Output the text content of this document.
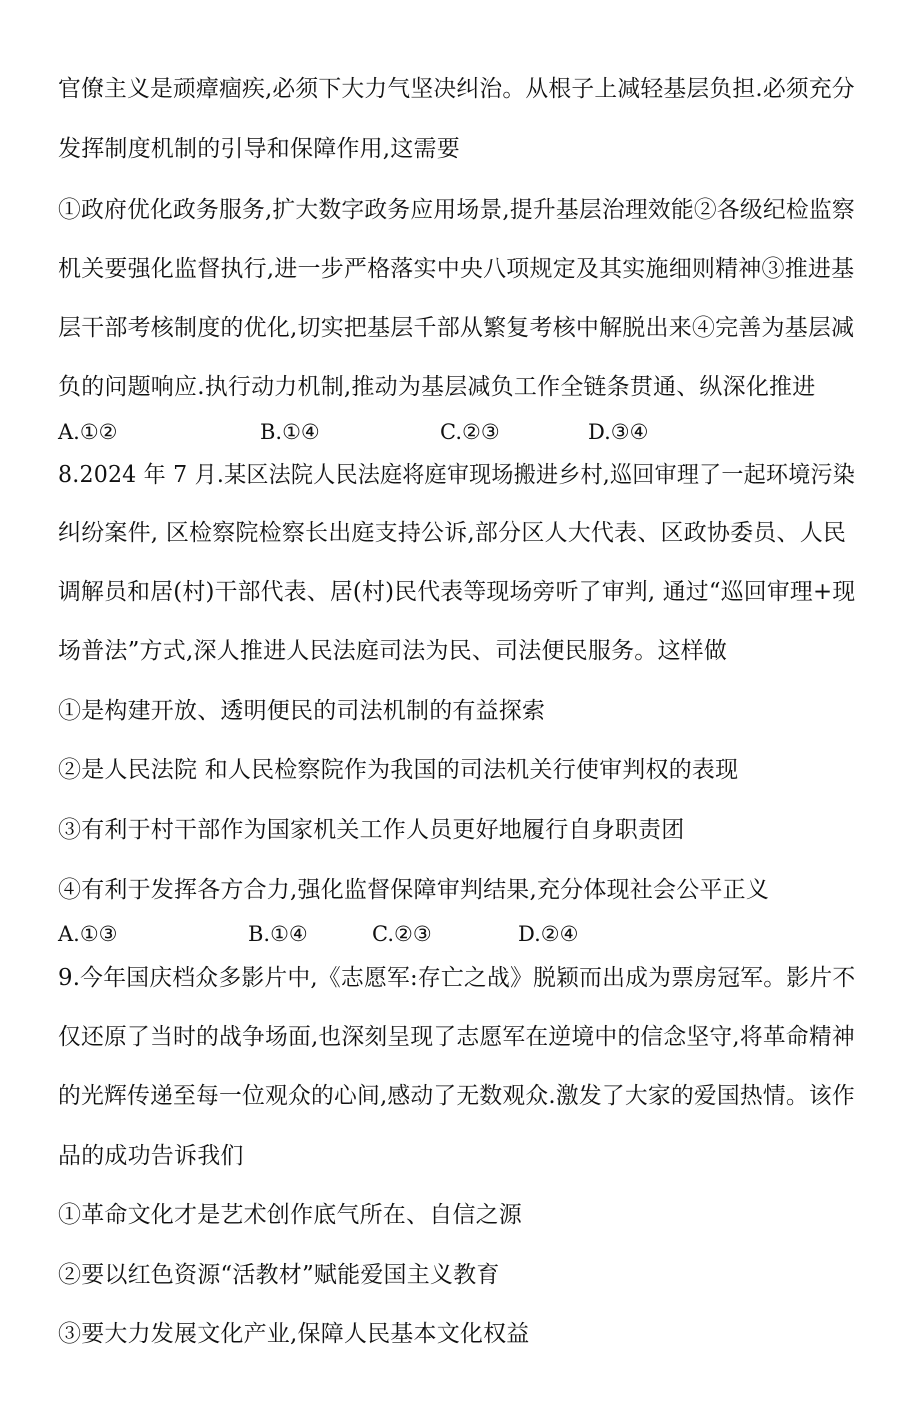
官僚主义是顽瘴痼疾,必须下大力气坚决纠治。从根子上减轻基层负担.必须充分
发挥制度机制的引导和保障作用,这需要
①政府优化政务服务,扩大数字政务应用场景,提升基层治理效能②各级纪检监察
机关要强化监督执行,进一步严格落实中央八项规定及其实施细则精神③推进基
层干部考核制度的优化,切实把基层千部从繁复考核中解脱出来④完善为基层减
负的问题响应.执行动力机制,推动为基层减负工作全链条贯通、纵深化推进
A.①②	B.①④	C.②③	D.③④
8.2024 年 7 月.某区法院人民法庭将庭审现场搬进乡村,巡回审理了一起环境污染
纠纷案件, 区检察院检察长出庭支持公诉,部分区人大代表、区政协委员、人民
调解员和居(村)干部代表、居(村)民代表等现场旁听了审判, 通过“巡回审理+现
场普法”方式,深人推进人民法庭司法为民、司法便民服务。这样做
①是构建开放、透明便民的司法机制的有益探索
②是人民法院 和人民检察院作为我国的司法机关行使审判权的表现
③有利于村干部作为国家机关工作人员更好地履行自身职责团
④有利于发挥各方合力,强化监督保障审判结果,充分体现社会公平正义
A.①③	B.①④	C.②③	D.②④
9.今年国庆档众多影片中,《志愿军:存亡之战》脱颖而出成为票房冠军。影片不
仅还原了当时的战争场面,也深刻呈现了志愿军在逆境中的信念坚守,将革命精神
的光辉传递至每一位观众的心间,感动了无数观众.激发了大家的爱国热情。该作
品的成功告诉我们
①革命文化才是艺术创作底气所在、自信之源
②要以红色资源“活教材”赋能爱国主义教育
③要大力发展文化产业,保障人民基本文化权益
